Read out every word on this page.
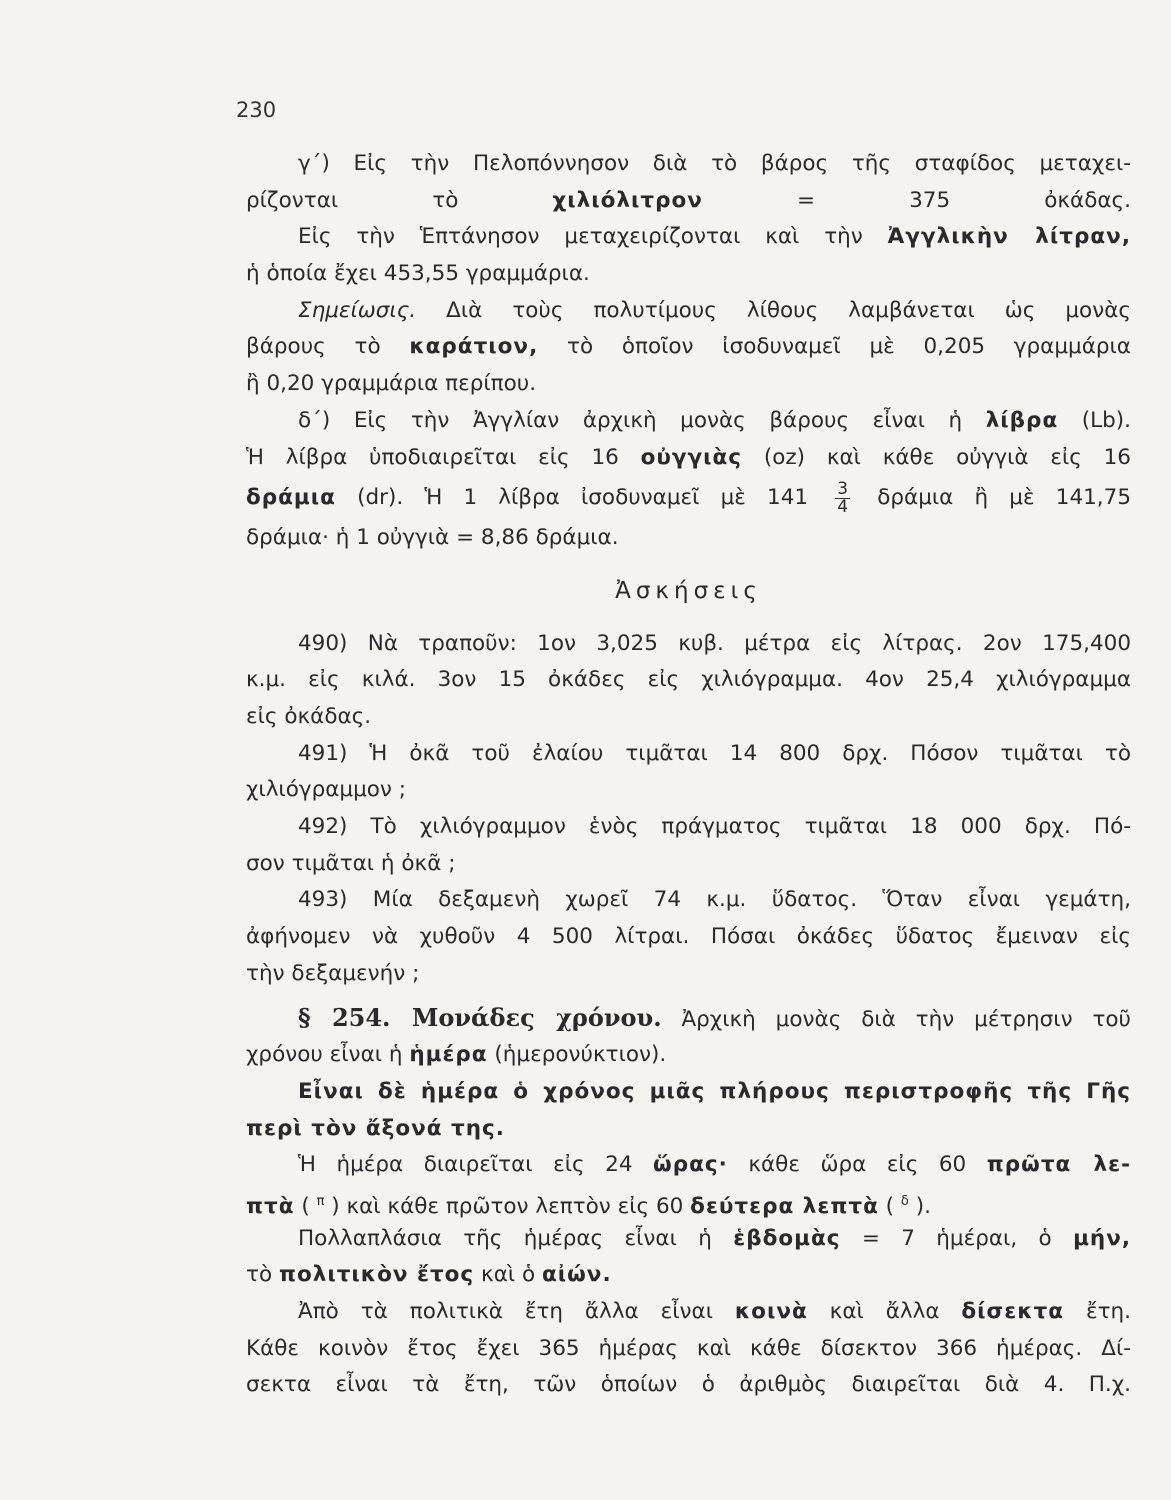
230
γ΄) Εἰς τὴν Πελοπόννησον διὰ τὸ βάρος τῆς σταφίδος μεταχει-
ρίζονται τὸ χιλιόλιτρον = 375 ὀκάδας.
Εἰς τὴν Ἑπτάνησον μεταχειρίζονται καὶ τὴν Ἀγγλικὴν λίτραν,
ἡ ὁποία ἔχει 453,55 γραμμάρια.
Σημείωσις. Διὰ τοὺς πολυτίμους λίθους λαμβάνεται ὡς μονὰς
βάρους τὸ καράτιον, τὸ ὁποῖον ἰσοδυναμεῖ μὲ 0,205 γραμμάρια
ἢ 0,20 γραμμάρια περίπου.
δ΄) Εἰς τὴν Ἀγγλίαν ἀρχικὴ μονὰς βάρους εἶναι ἡ λίβρα (Lb).
Ἡ λίβρα ὑποδιαιρεῖται εἰς 16 οὐγγιὰς (oz) καὶ κάθε οὐγγιὰ εἰς 16
δράμια (dr). Ἡ 1 λίβρα ἰσοδυναμεῖ μὲ $141 \frac{3}{4}$ δράμια ἢ μὲ 141,75
δράμια· ἡ 1 οὐγγιὰ = 8,86 δράμια.
Ἀσκήσεις
490) Νὰ τραποῦν: 1ον 3,025 κυβ. μέτρα εἰς λίτρας. 2ον 175,400
κ.μ. εἰς κιλά. 3ον 15 ὀκάδες εἰς χιλιόγραμμα. 4ον 25,4 χιλιόγραμμα
εἰς ὀκάδας.
491) Ἡ ὀκᾶ τοῦ ἐλαίου τιμᾶται 14 800 δρχ. Πόσον τιμᾶται τὸ
χιλιόγραμμον ;
492) Τὸ χιλιόγραμμον ἑνὸς πράγματος τιμᾶται 18 000 δρχ. Πό-
σον τιμᾶται ἡ ὀκᾶ ;
493) Μία δεξαμενὴ χωρεῖ 74 κ.μ. ὕδατος. Ὅταν εἶναι γεμάτη,
ἀφήνομεν νὰ χυθοῦν 4 500 λίτραι. Πόσαι ὀκάδες ὕδατος ἔμειναν εἰς
τὴν δεξαμενήν ;
§ 254. Μονάδες χρόνου. Ἀρχικὴ μονὰς διὰ τὴν μέτρησιν τοῦ
χρόνου εἶναι ἡ ἡμέρα (ἡμερονύκτιον).
Εἶναι δὲ ἡμέρα ὁ χρόνος μιᾶς πλήρους περιστροφῆς τῆς Γῆς
περὶ τὸν ἄξονά της.
Ἡ ἡμέρα διαιρεῖται εἰς 24 ὥρας· κάθε ὥρα εἰς 60 πρῶτα λε-
πτὰ ( $^\pi$ ) καὶ κάθε πρῶτον λεπτὸν εἰς 60 δεύτερα λεπτὰ ( $^\delta$ ).
Πολλαπλάσια τῆς ἡμέρας εἶναι ἡ ἑβδομὰς = 7 ἡμέραι, ὁ μήν,
τὸ πολιτικὸν ἔτος καὶ ὁ αἰών.
Ἀπὸ τὰ πολιτικὰ ἔτη ἄλλα εἶναι κοινὰ καὶ ἄλλα δίσεκτα ἔτη.
Κάθε κοινὸν ἔτος ἔχει 365 ἡμέρας καὶ κάθε δίσεκτον 366 ἡμέρας. Δί-
σεκτα εἶναι τὰ ἔτη, τῶν ὁποίων ὁ ἀριθμὸς διαιρεῖται διὰ 4. Π.χ.
